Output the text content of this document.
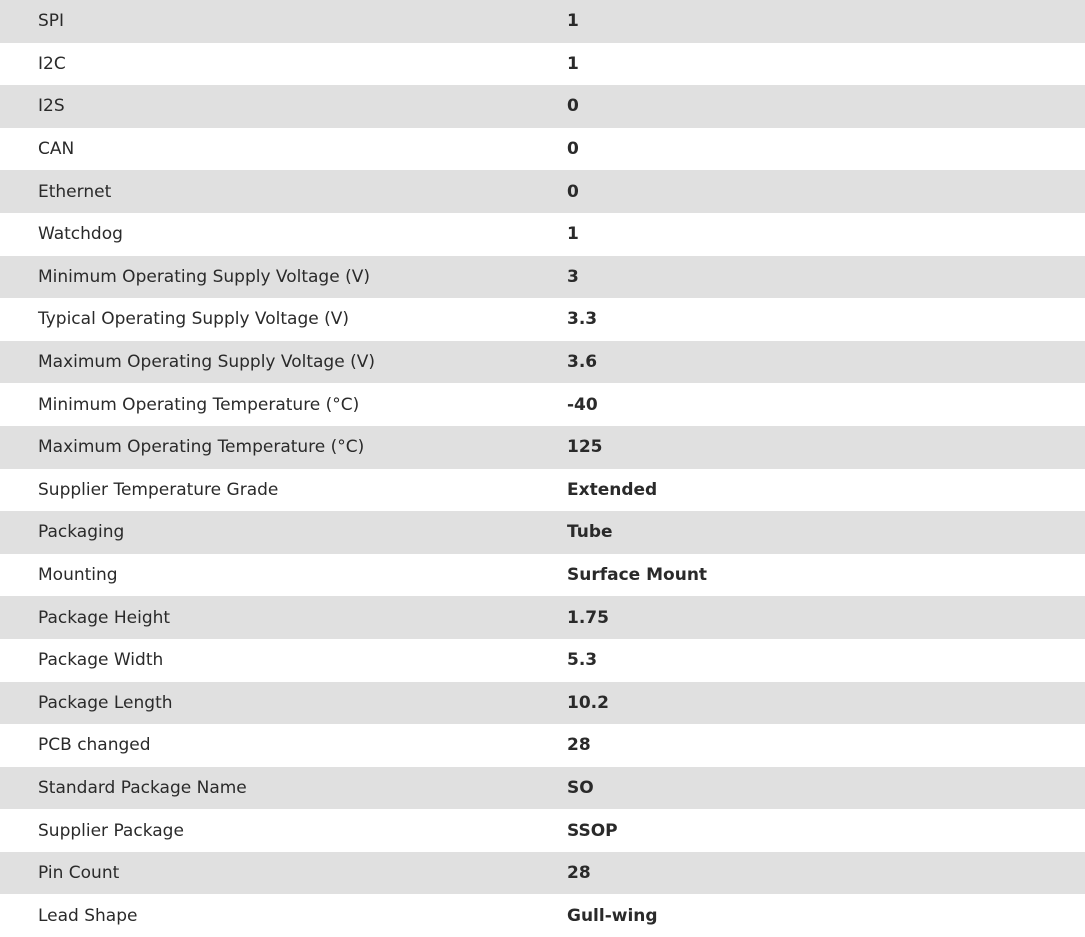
SPI	1
I2C	1
I2S	0
CAN	0
Ethernet	0
Watchdog	1
Minimum Operating Supply Voltage (V)	3
Typical Operating Supply Voltage (V)	3.3
Maximum Operating Supply Voltage (V)	3.6
Minimum Operating Temperature (°C)	-40
Maximum Operating Temperature (°C)	125
Supplier Temperature Grade	Extended
Packaging	Tube
Mounting	Surface Mount
Package Height	1.75
Package Width	5.3
Package Length	10.2
PCB changed	28
Standard Package Name	SO
Supplier Package	SSOP
Pin Count	28
Lead Shape	Gull-wing
